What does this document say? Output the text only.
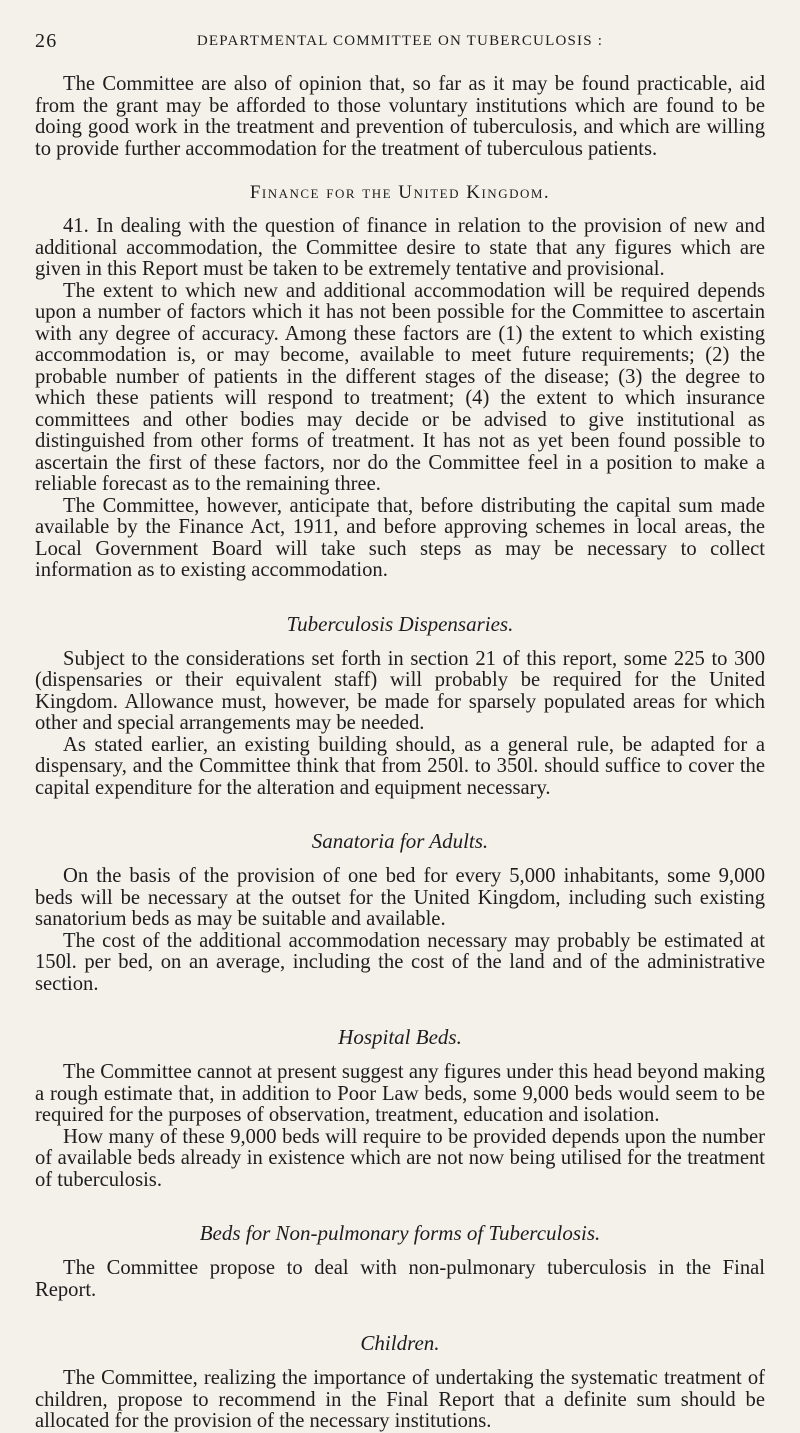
26	DEPARTMENTAL COMMITTEE ON TUBERCULOSIS :

The Committee are also of opinion that, so far as it may be found practicable, aid from the grant may be afforded to those voluntary institutions which are found to be doing good work in the treatment and prevention of tuberculosis, and which are willing to provide further accommodation for the treatment of tuberculous patients.

Finance for the United Kingdom.

41. In dealing with the question of finance in relation to the provision of new and additional accommodation, the Committee desire to state that any figures which are given in this Report must be taken to be extremely tentative and provisional.

The extent to which new and additional accommodation will be required depends upon a number of factors which it has not been possible for the Committee to ascertain with any degree of accuracy. Among these factors are (1) the extent to which existing accommodation is, or may become, available to meet future requirements; (2) the probable number of patients in the different stages of the disease; (3) the degree to which these patients will respond to treatment; (4) the extent to which insurance committees and other bodies may decide or be advised to give institutional as distinguished from other forms of treatment. It has not as yet been found possible to ascertain the first of these factors, nor do the Committee feel in a position to make a reliable forecast as to the remaining three.

The Committee, however, anticipate that, before distributing the capital sum made available by the Finance Act, 1911, and before approving schemes in local areas, the Local Government Board will take such steps as may be necessary to collect information as to existing accommodation.

Tuberculosis Dispensaries.

Subject to the considerations set forth in section 21 of this report, some 225 to 300 (dispensaries or their equivalent staff) will probably be required for the United Kingdom. Allowance must, however, be made for sparsely populated areas for which other and special arrangements may be needed.

As stated earlier, an existing building should, as a general rule, be adapted for a dispensary, and the Committee think that from 250l. to 350l. should suffice to cover the capital expenditure for the alteration and equipment necessary.

Sanatoria for Adults.

On the basis of the provision of one bed for every 5,000 inhabitants, some 9,000 beds will be necessary at the outset for the United Kingdom, including such existing sanatorium beds as may be suitable and available.

The cost of the additional accommodation necessary may probably be estimated at 150l. per bed, on an average, including the cost of the land and of the administrative section.

Hospital Beds.

The Committee cannot at present suggest any figures under this head beyond making a rough estimate that, in addition to Poor Law beds, some 9,000 beds would seem to be required for the purposes of observation, treatment, education and isolation.

How many of these 9,000 beds will require to be provided depends upon the number of available beds already in existence which are not now being utilised for the treatment of tuberculosis.

Beds for Non-pulmonary forms of Tuberculosis.

The Committee propose to deal with non-pulmonary tuberculosis in the Final Report.

Children.

The Committee, realizing the importance of undertaking the systematic treatment of children, propose to recommend in the Final Report that a definite sum should be allocated for the provision of the necessary institutions.
